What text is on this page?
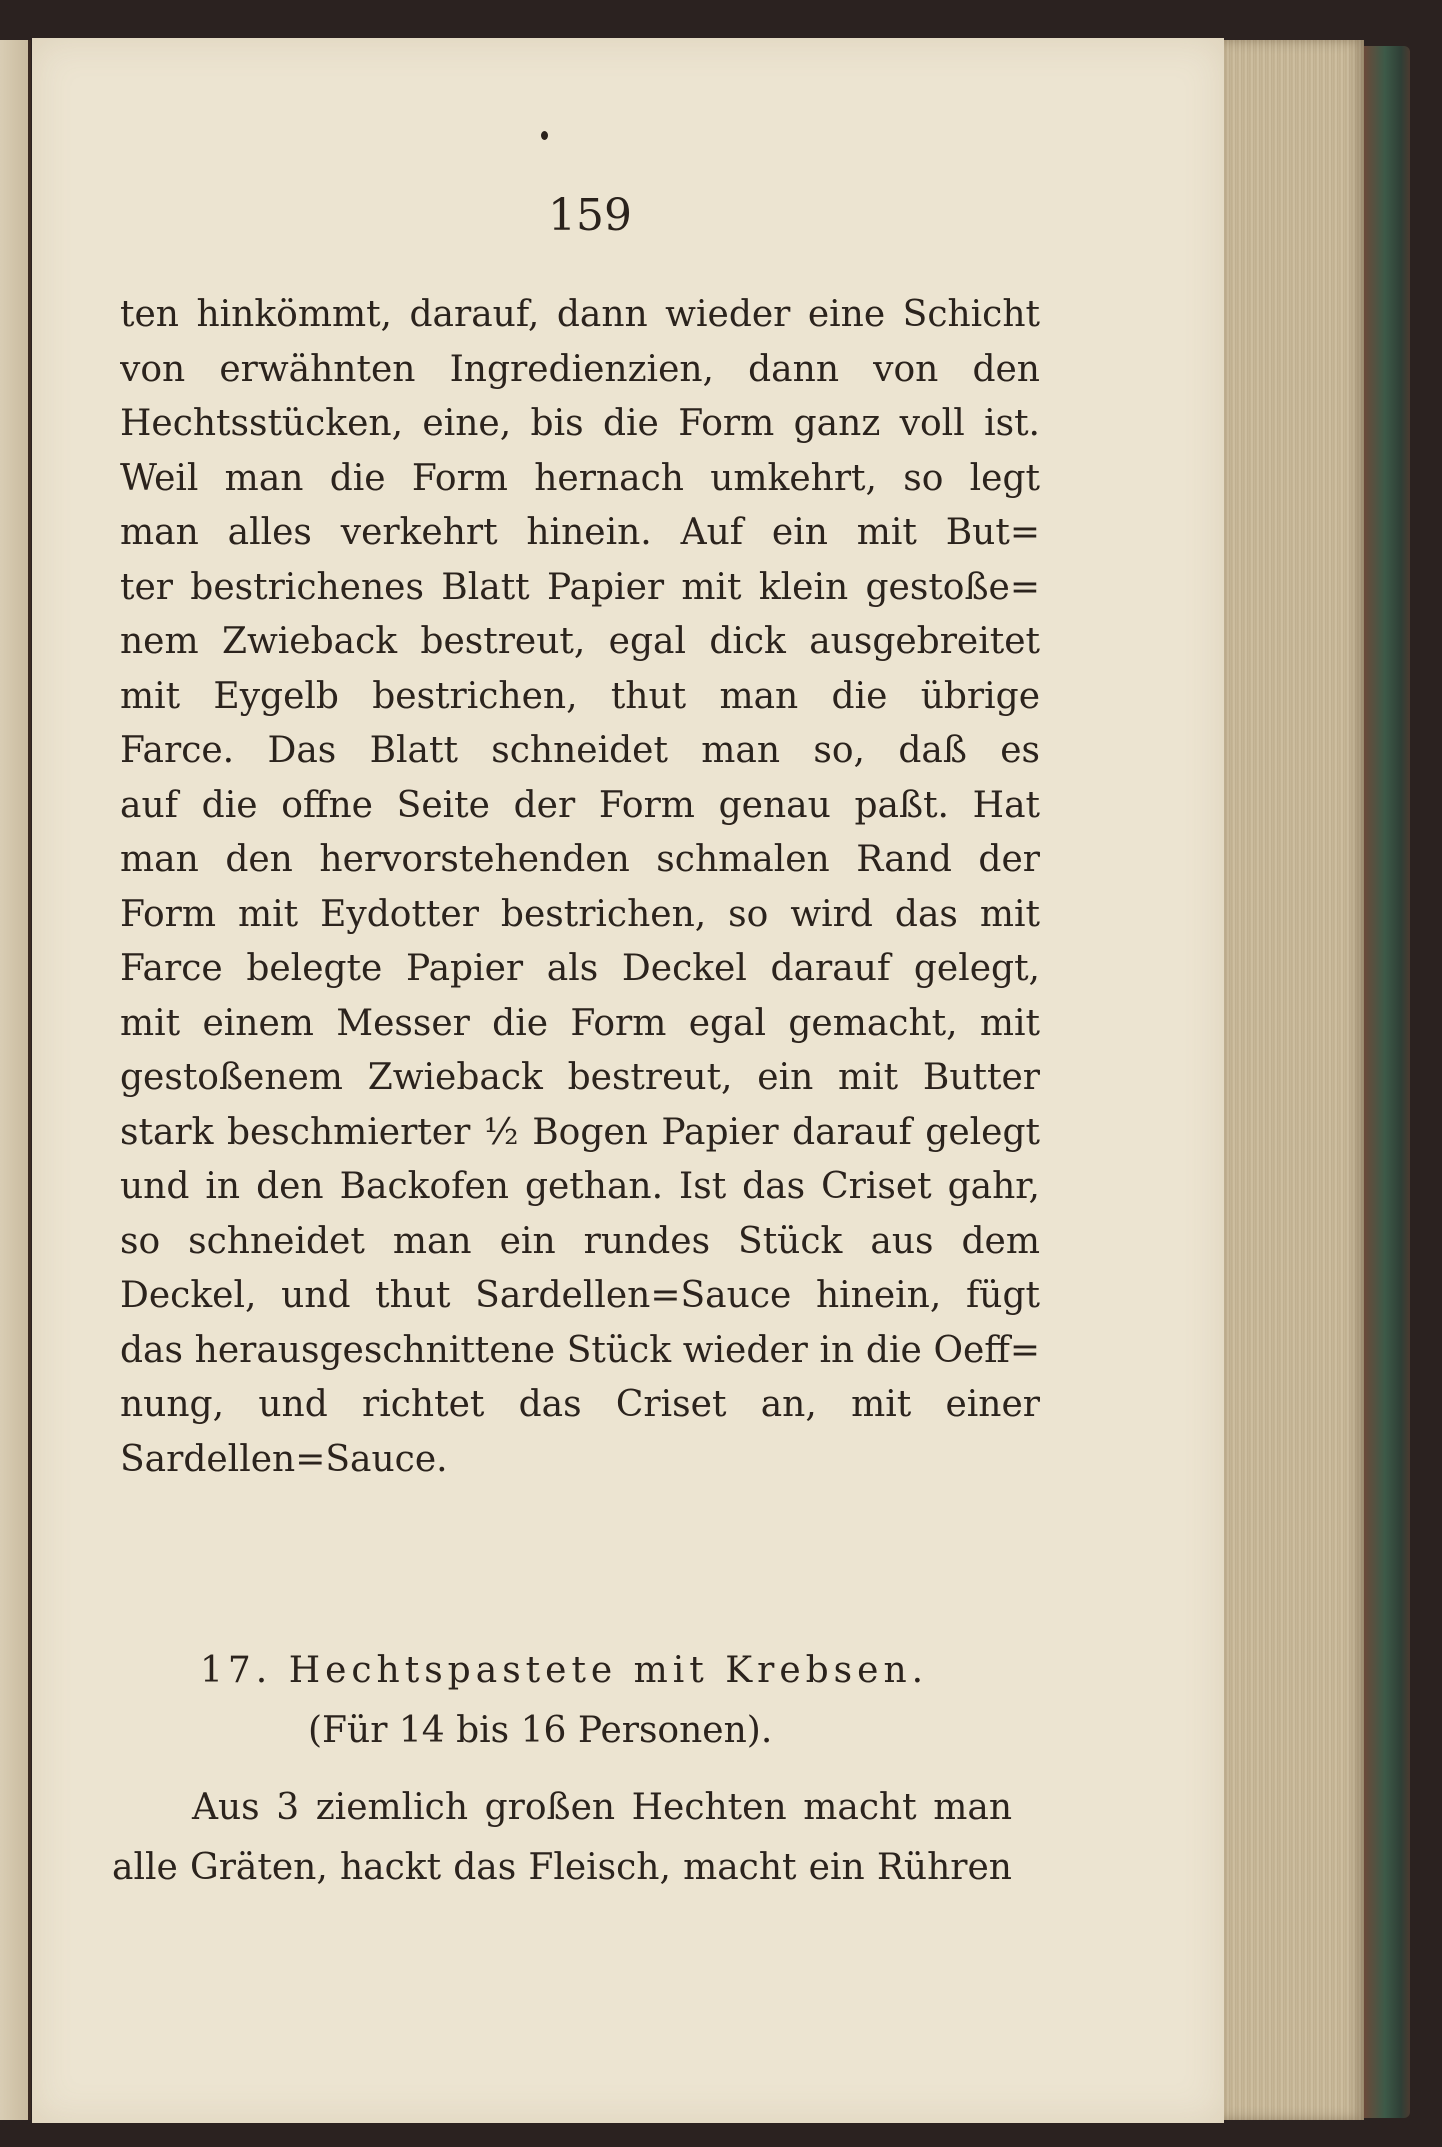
159
ten hinkömmt, darauf, dann wieder eine Schicht
von erwähnten Ingredienzien, dann von den
Hechtsstücken, eine, bis die Form ganz voll ist.
Weil man die Form hernach umkehrt, so legt
man alles verkehrt hinein. Auf ein mit But=
ter bestrichenes Blatt Papier mit klein gestoße=
nem Zwieback bestreut, egal dick ausgebreitet
mit Eygelb bestrichen, thut man die übrige
Farce. Das Blatt schneidet man so, daß es
auf die offne Seite der Form genau paßt. Hat
man den hervorstehenden schmalen Rand der
Form mit Eydotter bestrichen, so wird das mit
Farce belegte Papier als Deckel darauf gelegt,
mit einem Messer die Form egal gemacht, mit
gestoßenem Zwieback bestreut, ein mit Butter
stark beschmierter ½ Bogen Papier darauf gelegt
und in den Backofen gethan. Ist das Criset gahr,
so schneidet man ein rundes Stück aus dem
Deckel, und thut Sardellen=Sauce hinein, fügt
das herausgeschnittene Stück wieder in die Oeff=
nung, und richtet das Criset an, mit einer
Sardellen=Sauce.
17. Hechtspastete mit Krebsen.
(Für 14 bis 16 Personen).
Aus 3 ziemlich großen Hechten macht man
alle Gräten, hackt das Fleisch, macht ein Rühren
